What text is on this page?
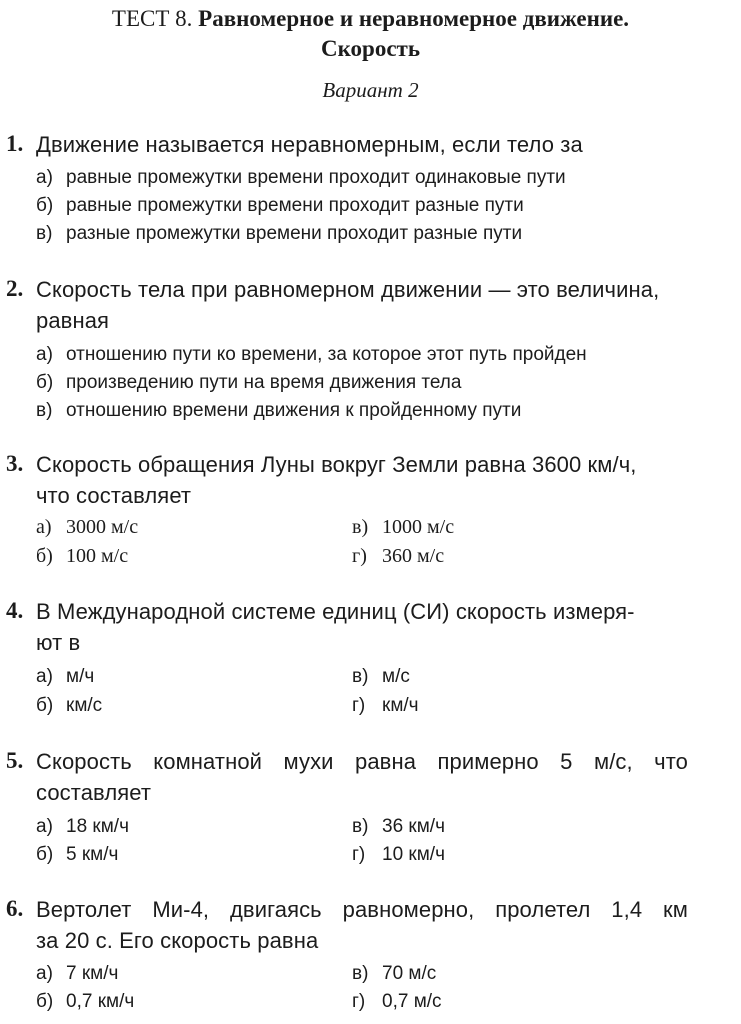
ТЕСТ 8. Равномерное и неравномерное движение.
Скорость
Вариант 2
1. Движение называется неравномерным, если тело за
а) равные промежутки времени проходит одинаковые пути
б) равные промежутки времени проходит разные пути
в) разные промежутки времени проходит разные пути
2. Скорость тела при равномерном движении — это величина,
равная
а) отношению пути ко времени, за которое этот путь пройден
б) произведению пути на время движения тела
в) отношению времени движения к пройденному пути
3. Скорость обращения Луны вокруг Земли равна 3600 км/ч,
что составляет
а) 3000 м/с	в) 1000 м/с
б) 100 м/с	г) 360 м/с
4. В Международной системе единиц (СИ) скорость измеря-
ют в
а) м/ч	в) м/с
б) км/с	г) км/ч
5. Скорость комнатной мухи равна примерно 5 м/с, что
составляет
а) 18 км/ч	в) 36 км/ч
б) 5 км/ч	г) 10 км/ч
6. Вертолет Ми-4, двигаясь равномерно, пролетел 1,4 км
за 20 с. Его скорость равна
а) 7 км/ч	в) 70 м/с
б) 0,7 км/ч	г) 0,7 м/с
